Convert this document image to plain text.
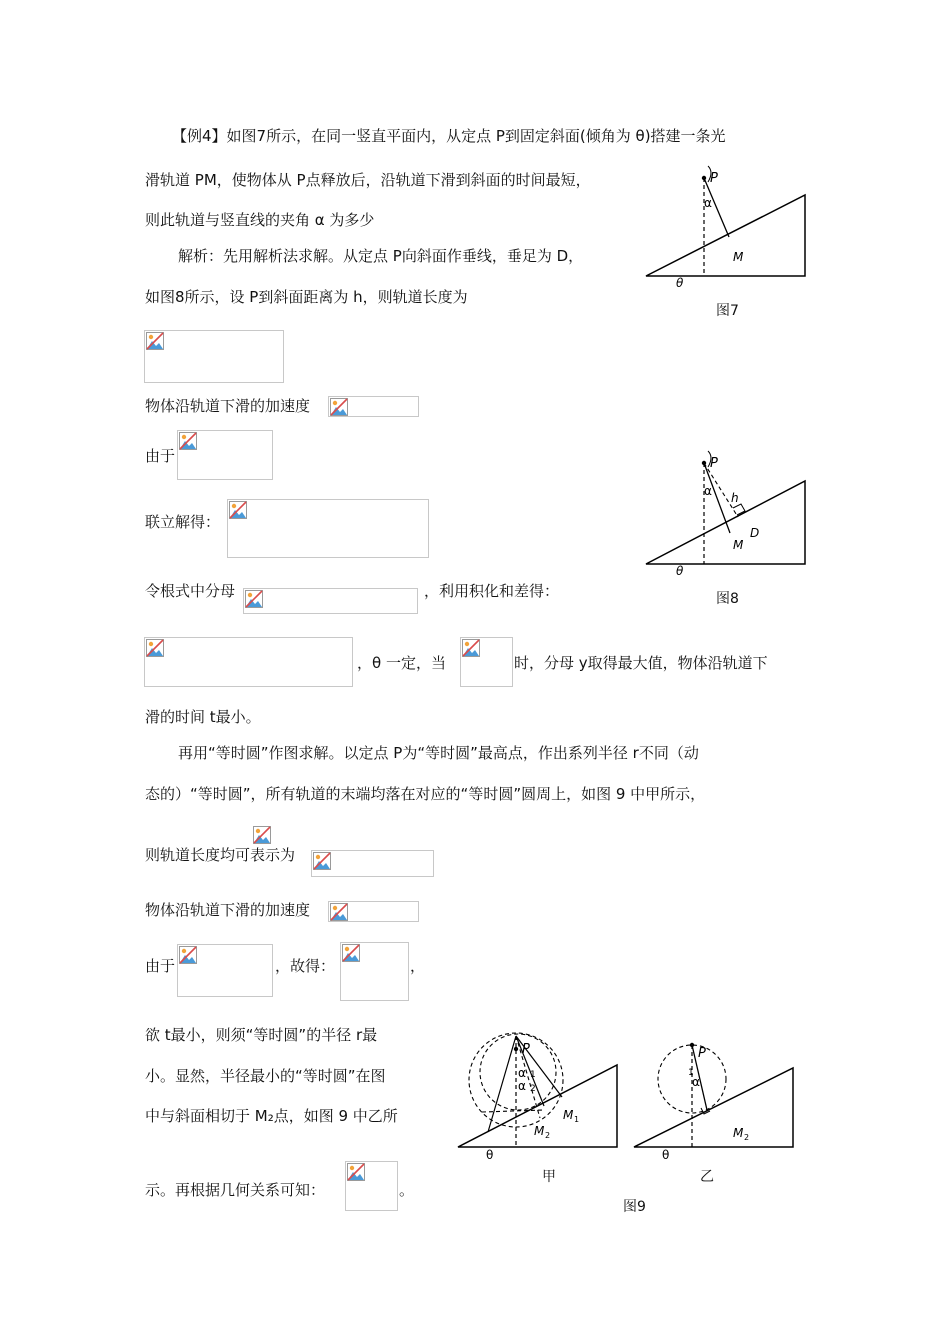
【例4】如图7所示，在同一竖直平面内，从定点 P到固定斜面(倾角为 θ)搭建一条光
滑轨道 PM，使物体从 P点释放后，沿轨道下滑到斜面的时间最短，
则此轨道与竖直线的夹角 α 为多少
解析：先用解析法求解。从定点 P向斜面作垂线，垂足为 D，
如图8所示，设 P到斜面距离为 h，则轨道长度为
物体沿轨道下滑的加速度
由于
联立解得：
令根式中分母	，利用积化和差得：
，θ 一定，当	时，分母 y取得最大值，物体沿轨道下
滑的时间 t最小。
再用“等时圆”作图求解。以定点 P为“等时圆”最高点，作出系列半径 r不同（动
态的）“等时圆”，所有轨道的末端均落在对应的“等时圆”圆周上，如图 9 中甲所示，
则轨道长度均可表示为
物体沿轨道下滑的加速度
由于	，故得：	，
欲 t最小，则须“等时圆”的半径 r最
小。显然，半径最小的“等时圆”在图
中与斜面相切于 M₂点，如图 9 中乙所
示。再根据几何关系可知：	。
P
α
M
θ
图7
P
α h
M
D
θ
图8
P
α 1
α 2
M 1
M 2
θ
甲
P
α
1
M 2
θ
乙
图9
